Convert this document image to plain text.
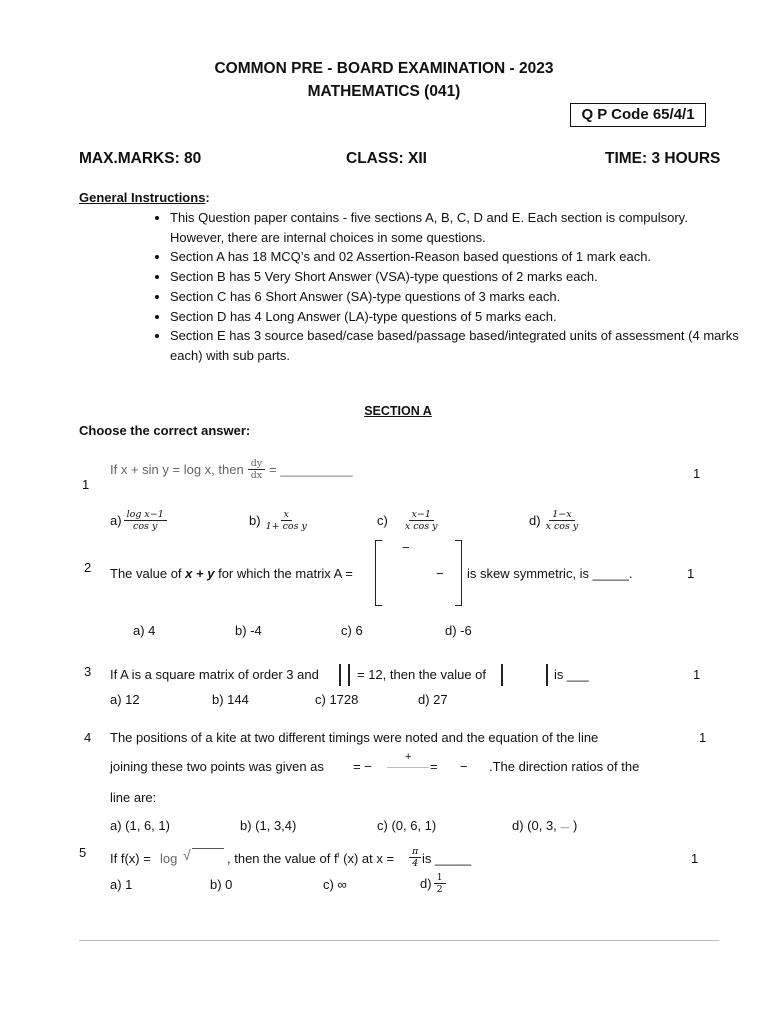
COMMON PRE - BOARD EXAMINATION - 2023
MATHEMATICS (041)
Q P Code 65/4/1
MAX.MARKS: 80	CLASS: XII	TIME: 3 HOURS
General Instructions:
• This Question paper contains - five sections A, B, C, D and E. Each section is compulsory. However, there are internal choices in some questions.
• Section A has 18 MCQ’s and 02 Assertion-Reason based questions of 1 mark each.
• Section B has 5 Very Short Answer (VSA)-type questions of 2 marks each.
• Section C has 6 Short Answer (SA)-type questions of 3 marks each.
• Section D has 4 Long Answer (LA)-type questions of 5 marks each.
• Section E has 3 source based/case based/passage based/integrated units of assessment (4 marks each) with sub parts.
SECTION A
Choose the correct answer:
1
If x + sin y = log x, then $\frac{dy}{dx}$ = __________	1
$a) \frac{\text{log x−1}}{\text{cos y}}$	$b) \frac{x}{\text{1+ cos y}}$	$c) \frac{x-1}{\text{x cos y}}$	$d) \frac{1-x}{\text{x cos y}}$
2 The value of x + y for which the matrix A =
−
− is skew symmetric, is _____.	1
a) 4	b) -4	c) 6	d) -6
3 If A is a square matrix of order 3 and	= 12, then the value of	is ___	1
a) 12	b) 144	c) 1728	d) 27
4 The positions of a kite at two different timings were noted and the equation of the line	1
joining these two points was given as = −
+
= − .The direction ratios of the
line are:
a) (1, 6, 1)	b) (1, 3,4)	c) (0, 6, 1)	d) (0, 3, — )
5 If f(x) = log √	, then the value of $f^I$ (x) at $x = \frac{\pi}{4}$ is _____	1
a) 1	b) 0	c) ∞	$d) \frac{1}{2}$
